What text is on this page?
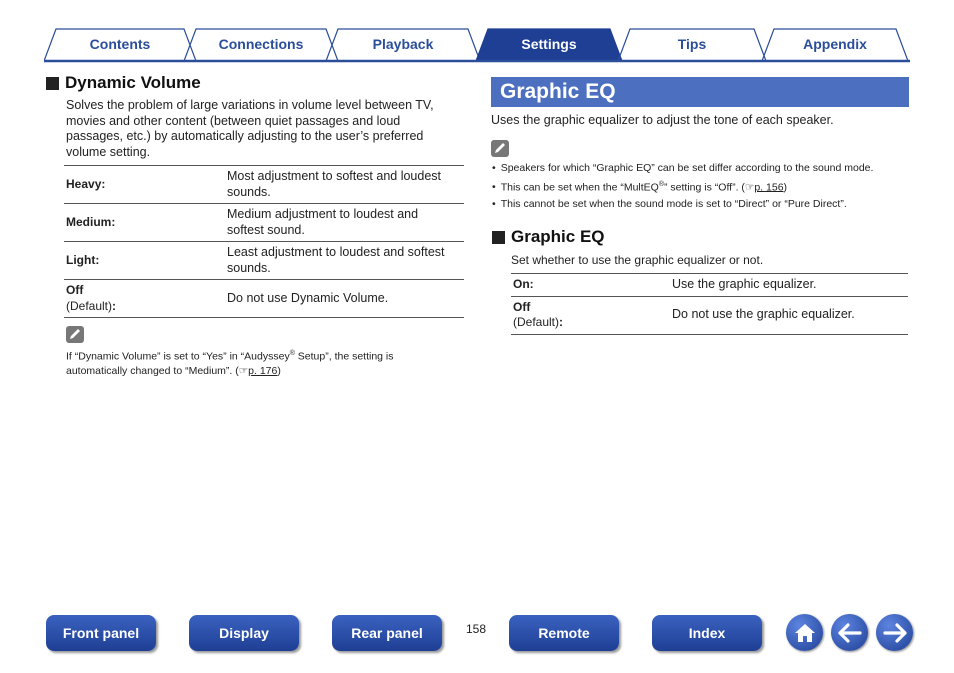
Contents	Connections	Playback	Settings	Tips	Appendix
Dynamic Volume
Solves the problem of large variations in volume level between TV,
movies and other content (between quiet passages and loud
passages, etc.) by automatically adjusting to the user’s preferred
volume setting.
Heavy:	Most adjustment to softest and loudest
sounds.

Medium:	Medium adjustment to loudest and
softest sound.

Light:	Least adjustment to loudest and softest
sounds.

Off
(Default):	Do not use Dynamic Volume.
If “Dynamic Volume” is set to “Yes” in “Audyssey® Setup”, the setting is
automatically changed to “Medium”. (☞p. 176)
Graphic EQ
Uses the graphic equalizer to adjust the tone of each speaker.
• Speakers for which “Graphic EQ” can be set differ according to the sound mode.
• This can be set when the “MultEQ®” setting is “Off”. (☞p. 156)
• This cannot be set when the sound mode is set to “Direct” or “Pure Direct”.
Graphic EQ
Set whether to use the graphic equalizer or not.
On:	Use the graphic equalizer.

Off
(Default):	Do not use the graphic equalizer.
Front panel	Display	Rear panel	158	Remote	Index
